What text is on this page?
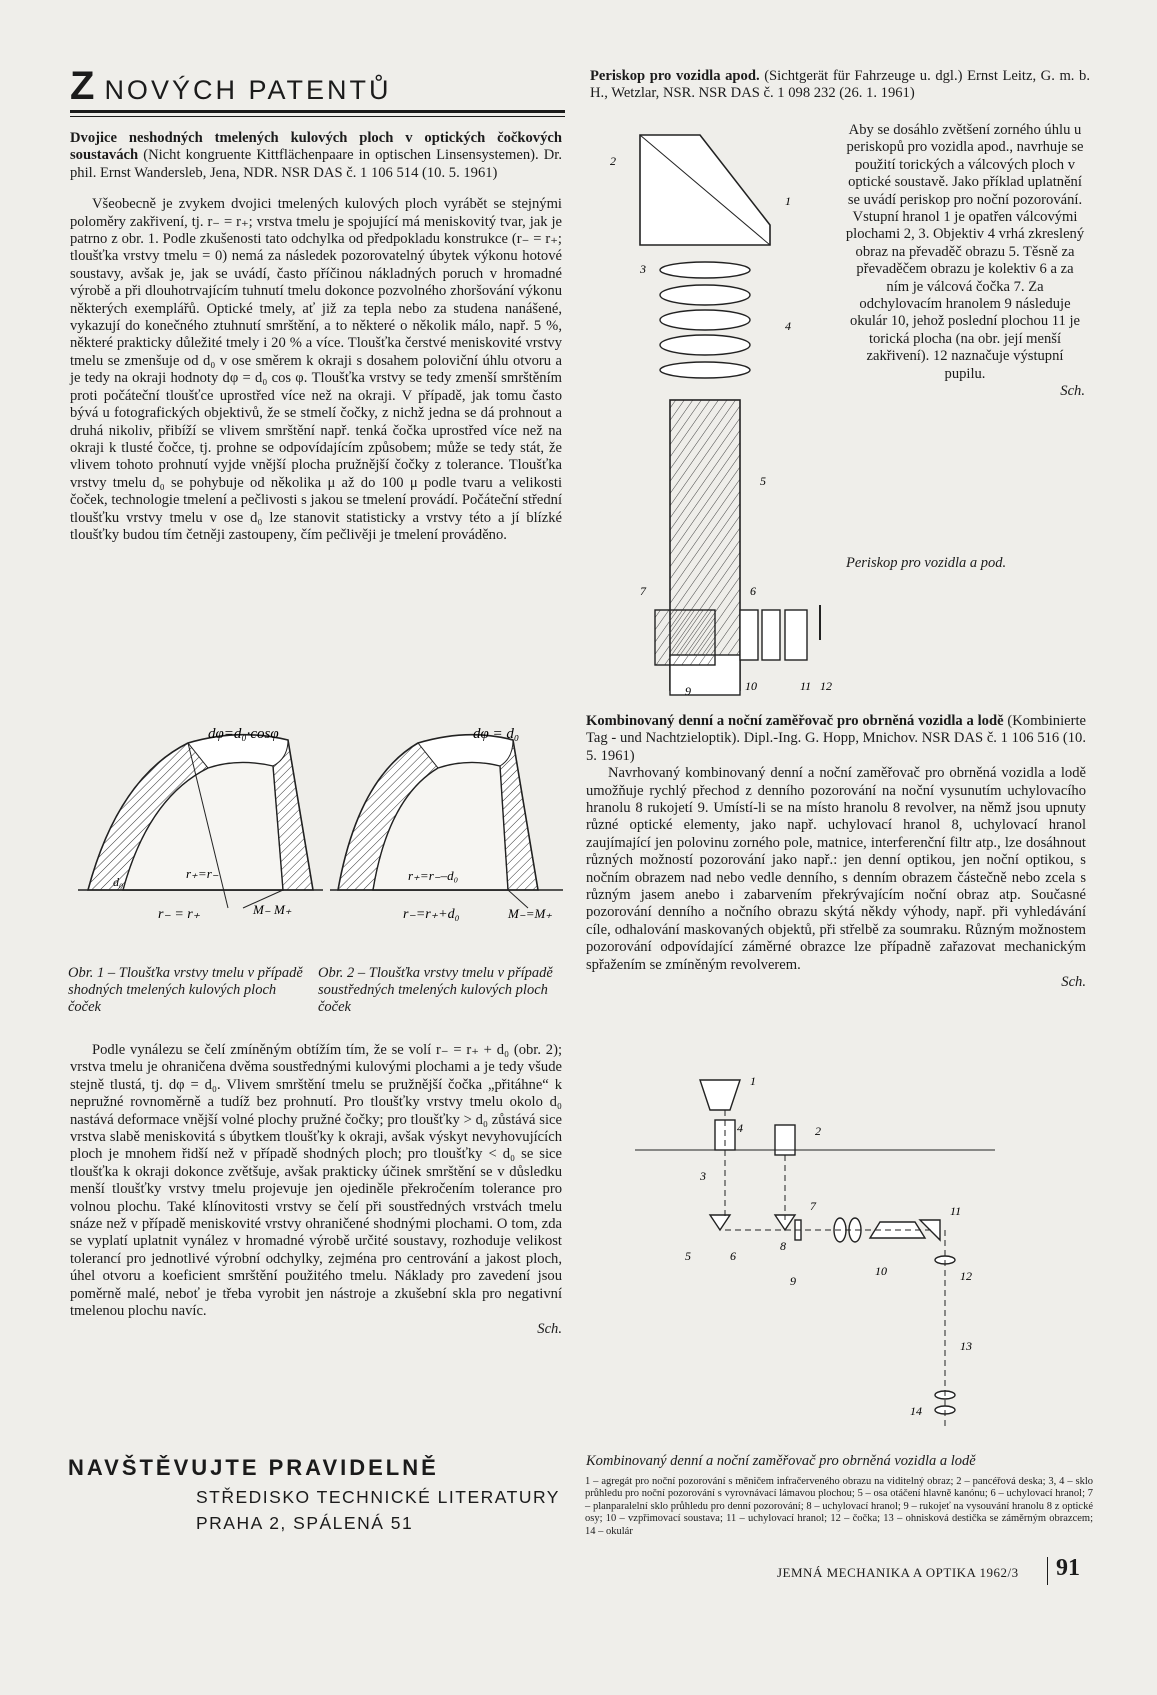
Z NOVÝCH PATENTŮ

Dvojice neshodných tmelených kulových ploch v optických čočkových soustavách (Nicht kongruente Kittflächenpaare in optischen Linsensystemen). Dr. phil. Ernst Wandersleb, Jena, NDR. NSR DAS č. 1 106 514 (10. 5. 1961)

Všeobecně je zvykem dvojici tmelených kulových ploch vyrábět se stejnými poloměry zakřivení, tj. r₋ = r₊; vrstva tmelu je spojující má meniskovitý tvar, jak je patrno z obr. 1. Podle zkušenosti tato odchylka od předpokladu konstrukce (r₋ = r₊; tloušťka vrstvy tmelu = 0) nemá za následek pozorovatelný úbytek výkonu hotové soustavy, avšak je, jak se uvádí, často příčinou nákladných poruch v hromadné výrobě a při dlouhotrvajícím tuhnutí tmelu dokonce pozvolného zhoršování výkonu některých exemplářů. Optické tmely, ať již za tepla nebo za studena nanášené, vykazují do konečného ztuhnutí smrštění, a to některé o několik málo, např. 5 %, některé prakticky důležité tmely i 20 % a více. Tloušťka čerstvé meniskovité vrstvy tmelu se zmenšuje od d₀ v ose směrem k okraji s dosahem poloviční úhlu otvoru a je tedy na okraji hodnoty dφ = d₀ cos φ. Tloušťka vrstvy se tedy zmenší smrštěním proti počáteční tloušťce uprostřed více než na okraji. V případě, jak tomu často bývá u fotografických objektivů, že se stmelí čočky, z nichž jedna se dá prohnout a druhá nikoliv, přibíží se vlivem smrštění např. tenká čočka uprostřed více než na okraji k tlusté čočce, tj. prohne se odpovídajícím způsobem; může se tedy stát, že vlivem tohoto prohnutí vyjde vnější plocha pružnější čočky z tolerance. Tloušťka vrstvy tmelu d₀ se pohybuje od několika μ až do 100 μ podle tvaru a velikosti čoček, technologie tmelení a pečlivosti s jakou se tmelení provádí. Počáteční střední tloušťku vrstvy tmelu v ose d₀ lze stanovit statisticky a vrstvy této a jí blízké tloušťky budou tím četněji zastoupeny, čím pečlivěji je tmelení prováděno.

dφ=d₀·cosφ
r₊=r₋
d₀
r₋ = r₊	M₋ M₊
dφ = d₀
r₊=r₋–d₀
r₋=r₊+d₀	M₋=M₊
Obr. 1 – Tloušťka vrstvy tmelu v případě shodných tmelených kulových ploch čoček
Obr. 2 – Tloušťka vrstvy tmelu v případě soustředných tmelených kulových ploch čoček

Podle vynálezu se čelí zmíněným obtížím tím, že se volí r₋ = r₊ + d₀ (obr. 2); vrstva tmelu je ohraničena dvěma soustřednými kulovými plochami a je tedy všude stejně tlustá, tj. dφ = d₀. Vlivem smrštění tmelu se pružnější čočka „přitáhne“ k nepružné rovnoměrně a tudíž bez prohnutí. Pro tloušťky vrstvy tmelu okolo d₀ nastává deformace vnější volné plochy pružné čočky; pro tloušťky > d₀ zůstává sice vrstva slabě meniskovitá s úbytkem tloušťky k okraji, avšak výskyt nevyhovujících ploch je mnohem řidší než v případě shodných ploch; pro tloušťky < d₀ se sice tloušťka k okraji dokonce zvětšuje, avšak prakticky účinek smrštění se v důsledku menší tloušťky vrstvy tmelu projevuje jen ojediněle překročením tolerance pro volnou plochu. Také klínovitosti vrstvy se čelí při soustředných vrstvách tmelu snáze než v případě meniskovité vrstvy ohraničené shodnými plochami. O tom, zda se vyplatí uplatnit vynález v hromadné výrobě určité soustavy, rozhoduje velikost tolerancí pro jednotlivé výrobní odchylky, zejména pro centrování a jakost ploch, úhel otvoru a koeficient smrštění použitého tmelu. Náklady pro zavedení jsou poměrně malé, neboť je třeba vyrobit jen nástroje a zkušební skla pro negativní tmelenou plochu navíc.

Sch.
NAVŠTĚVUJTE PRAVIDELNĚ
STŘEDISKO TECHNICKÉ LITERATURY
PRAHA 2, SPÁLENÁ 51

Periskop pro vozidla apod. (Sichtgerät für Fahrzeuge u. dgl.) Ernst Leitz, G. m. b. H., Wetzlar, NSR. NSR DAS č. 1 098 232 (26. 1. 1961)

2
1
3
4
5
6
7
9	10	11 12

Aby se dosáhlo zvětšení zorného úhlu u periskopů pro vozidla apod., navrhuje se použití torických a válcových ploch v optické soustavě. Jako příklad uplatnění se uvádí periskop pro noční pozorování. Vstupní hranol 1 je opatřen válcovými plochami 2, 3. Objektiv 4 vrhá zkreslený obraz na převaděč obrazu 5. Těsně za převaděčem obrazu je kolektiv 6 a za ním je válcová čočka 7. Za odchylovacím hranolem 9 následuje okulár 10, jehož poslední plochou 11 je torická plocha (na obr. její menší zakřivení). 12 naznačuje výstupní pupilu.

Sch.
Periskop pro vozidla a pod.

Kombinovaný denní a noční zaměřovač pro obrněná vozidla a lodě (Kombinierte Tag - und Nachtzieloptik). Dipl.-Ing. G. Hopp, Mnichov. NSR DAS č. 1 106 516 (10. 5. 1961)

Navrhovaný kombinovaný denní a noční zaměřovač pro obrněná vozidla a lodě umožňuje rychlý přechod z denního pozorování na noční vysunutím uchylovacího hranolu 8 rukojetí 9. Umístí-li se na místo hranolu 8 revolver, na němž jsou upnuty různé optické elementy, jako např. uchylovací hranol 8, uchylovací hranol zaujímající jen polovinu zorného pole, matnice, interferenční filtr atp., lze dosáhnout různých možností pozorování jako např.: jen denní optikou, jen noční optikou, s nočním obrazem nad nebo vedle denního, s denním obrazem částečně nebo zcela s různým jasem anebo i zabarvením překrývajícím noční obraz atp. Současné pozorování denního a nočního obrazu skýtá někdy výhody, např. při vyhledávání cíle, odhalování maskovaných objektů, při střelbě za soumraku. Různým možnostem pozorování odpovídající záměrné obrazce lze případně zařazovat mechanickým spřažením se zmíněným revolverem.

Sch.
1
2
3
4
5	6
7
8
9
10
11
12
13
14
Kombinovaný denní a noční zaměřovač pro obrněná vozidla a lodě
1 – agregát pro noční pozorování s měničem infračerveného obrazu na viditelný obraz; 2 – pancéřová deska; 3, 4 – sklo průhledu pro noční pozorování s vyrovnávací lámavou plochou; 5 – osa otáčení hlavně kanónu; 6 – uchylovací hranol; 7 – planparalelní sklo průhledu pro denní pozorování; 8 – uchylovací hranol; 9 – rukojeť na vysouvání hranolu 8 z optické osy; 10 – vzpřimovací soustava; 11 – uchylovací hranol; 12 – čočka; 13 – ohnisková destička se záměrným obrazcem; 14 – okulár
JEMNÁ MECHANIKA A OPTIKA 1962/3 91
